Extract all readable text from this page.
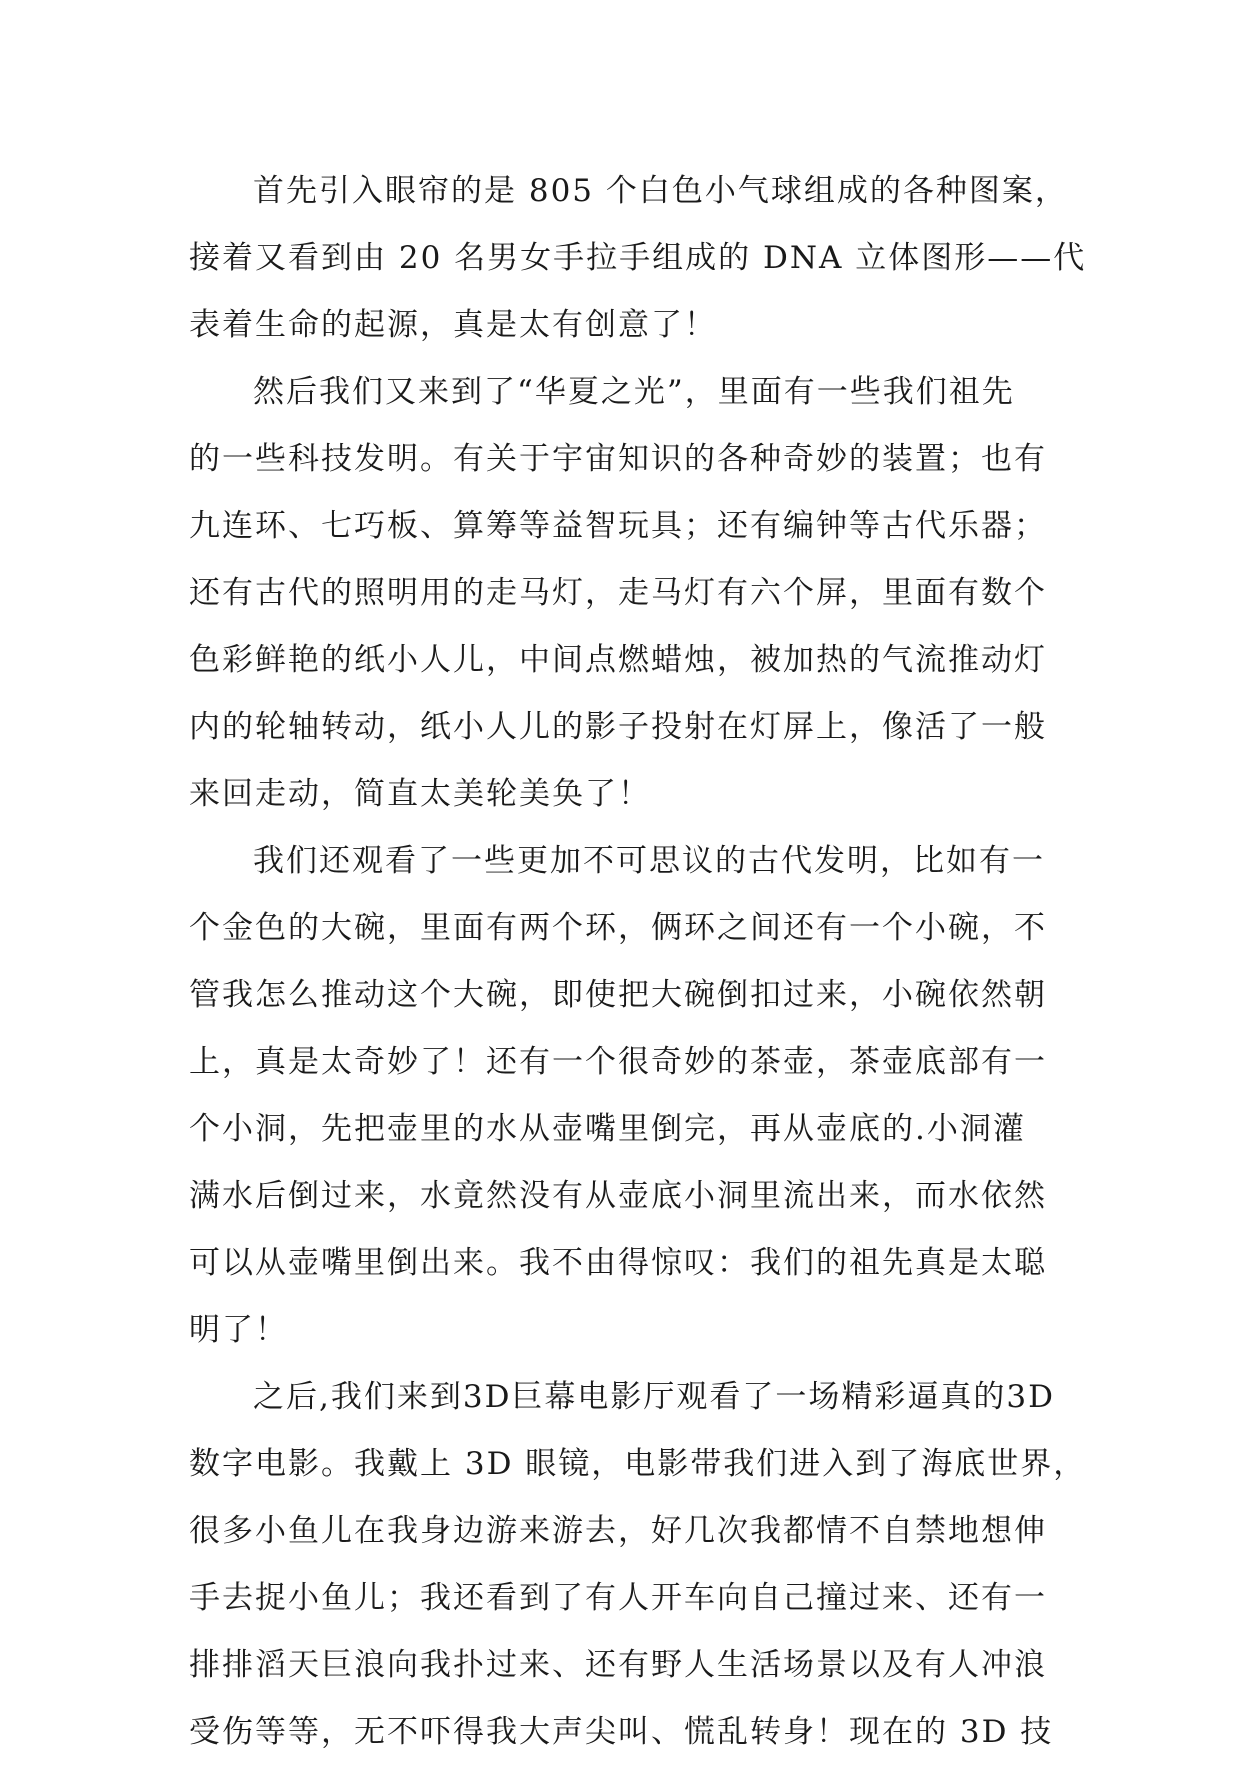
首先引入眼帘的是 805 个白色小气球组成的各种图案，
接着又看到由 20 名男女手拉手组成的 DNA 立体图形——代
表着生命的起源，真是太有创意了！
然后我们又来到了“华夏之光”，里面有一些我们祖先
的一些科技发明。有关于宇宙知识的各种奇妙的装置；也有
九连环、七巧板、算筹等益智玩具；还有编钟等古代乐器；
还有古代的照明用的走马灯，走马灯有六个屏，里面有数个
色彩鲜艳的纸小人儿，中间点燃蜡烛，被加热的气流推动灯
内的轮轴转动，纸小人儿的影子投射在灯屏上，像活了一般
来回走动，简直太美轮美奂了！
我们还观看了一些更加不可思议的古代发明，比如有一
个金色的大碗，里面有两个环，俩环之间还有一个小碗，不
管我怎么推动这个大碗，即使把大碗倒扣过来，小碗依然朝
上，真是太奇妙了！还有一个很奇妙的茶壶，茶壶底部有一
个小洞，先把壶里的水从壶嘴里倒完，再从壶底的.小洞灌
满水后倒过来，水竟然没有从壶底小洞里流出来，而水依然
可以从壶嘴里倒出来。我不由得惊叹：我们的祖先真是太聪
明了！
之后,我们来到3D巨幕电影厅观看了一场精彩逼真的3D
数字电影。我戴上 3D 眼镜，电影带我们进入到了海底世界，
很多小鱼儿在我身边游来游去，好几次我都情不自禁地想伸
手去捉小鱼儿；我还看到了有人开车向自己撞过来、还有一
排排滔天巨浪向我扑过来、还有野人生活场景以及有人冲浪
受伤等等，无不吓得我大声尖叫、慌乱转身！现在的 3D 技
